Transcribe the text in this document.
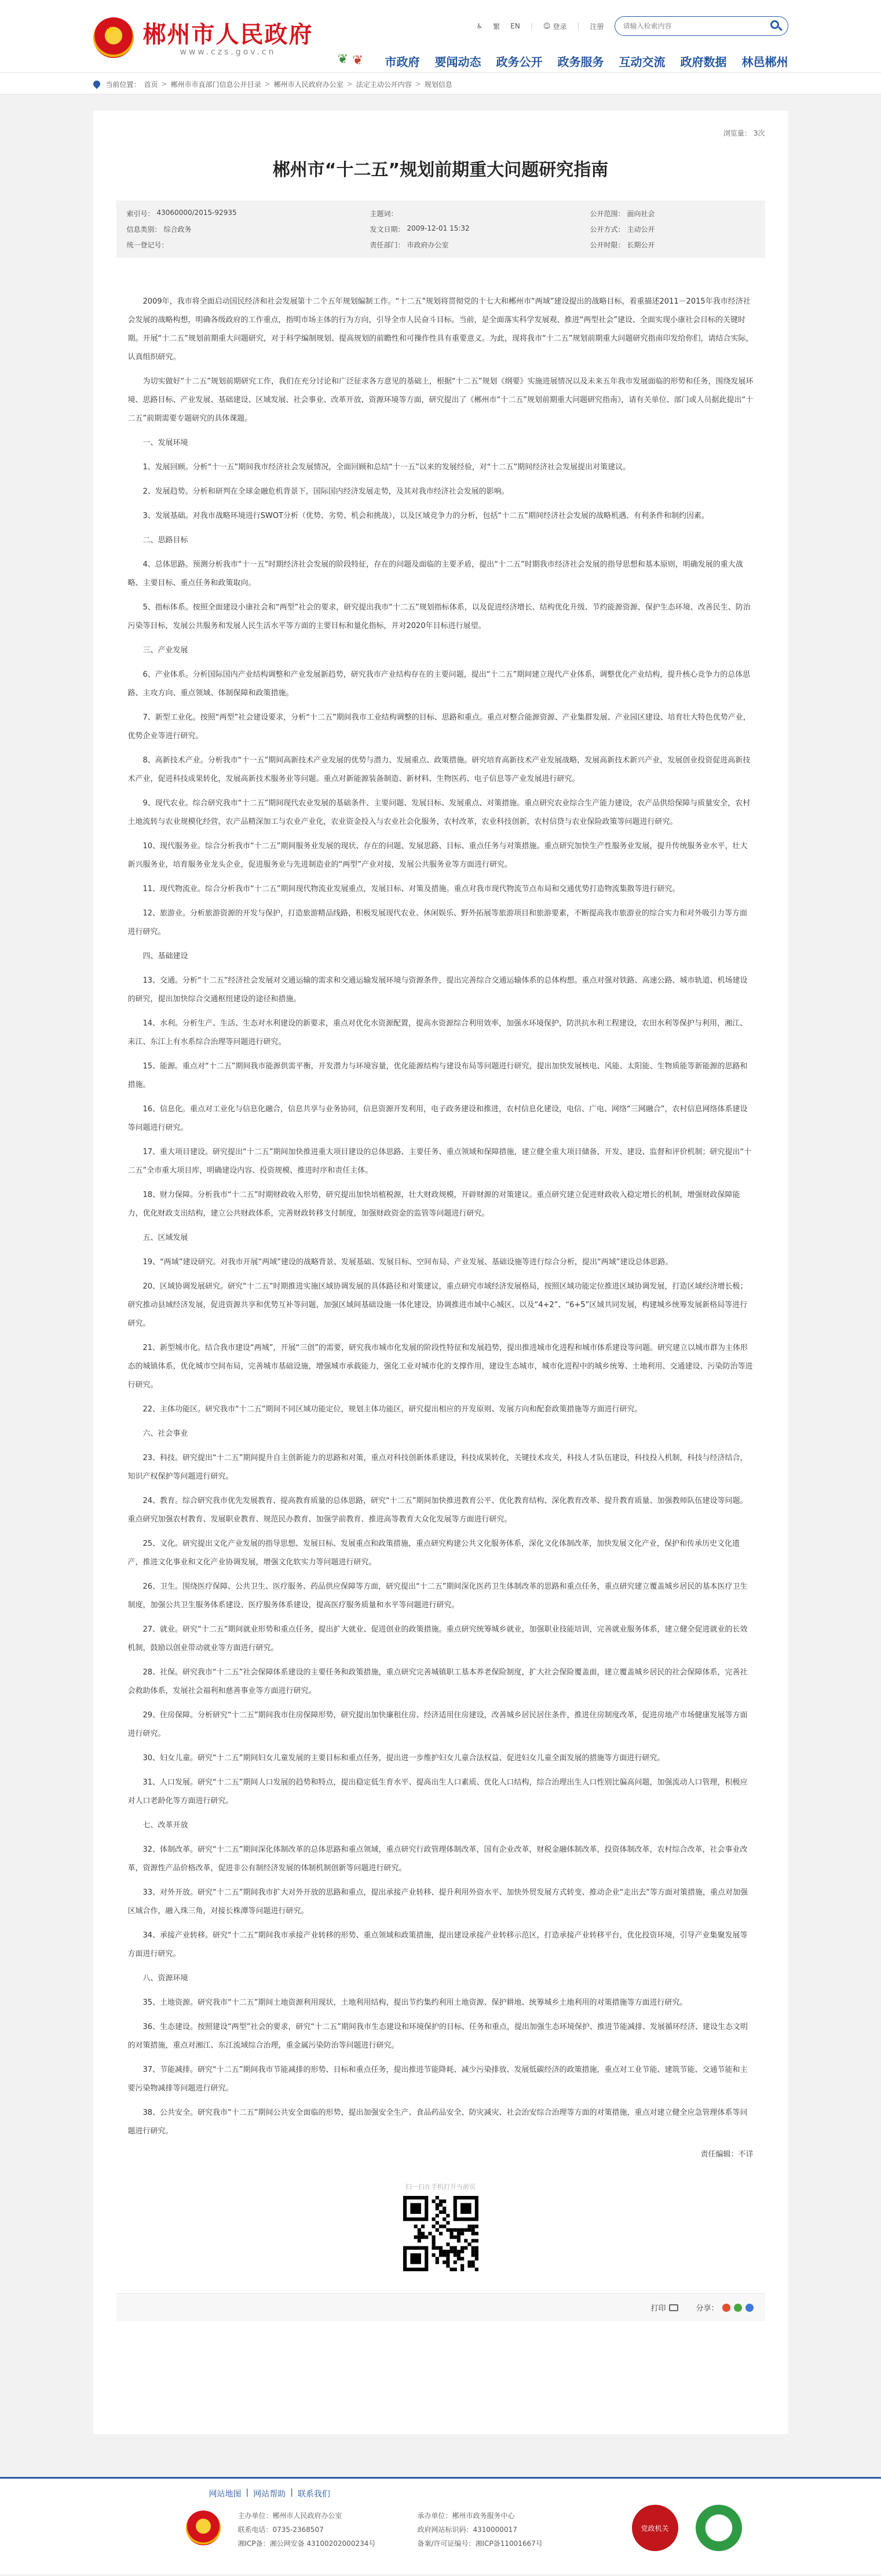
★ 郴州市人民政府
www.czs.gov.cn
♿ 繁 EN | ☺ 登录 | 注册
请输入检索内容
❦ ❦ 市政府 要闻动态 政务公开 政务服务 互动交流 政府数据 林邑郴州
当前位置： 首页 > 郴州市市直部门信息公开目录 > 郴州市人民政府办公室 > 法定主动公开内容 > 规划信息
浏览量： 3次
郴州市“十二五”规划前期重大问题研究指南
索引号： 43060000/2015-92935	主题词：	公开范围： 面向社会
信息类别： 综合政务	发文日期： 2009-12-01 15:32	公开方式： 主动公开
统一登记号：	责任部门： 市政府办公室	公开时限： 长期公开

2009年，我市将全面启动国民经济和社会发展第十二个五年规划编制工作。“十二五”规划将贯彻党的十七大和郴州市“两域”建设提出的战略目标，着重描述2011－2015年我市经济社会发展的战略构想，明确各级政府的工作重点，指明市场主体的行为方向，引导全市人民奋斗目标。当前，是全面落实科学发展观、推进“两型社会”建设、全面实现小康社会目标的关键时期。开展“十二五”规划前期重大问题研究，对于科学编制规划、提高规划的前瞻性和可操作性具有重要意义。为此，现将我市“十二五”规划前期重大问题研究指南印发给你们，请结合实际，认真组织研究。

为切实做好“十二五”规划前期研究工作，我们在充分讨论和广泛征求各方意见的基础上，根据“十二五”规划《纲要》实施进展情况以及未来五年我市发展面临的形势和任务，围绕发展环境、思路目标、产业发展、基础建设、区域发展、社会事业、改革开放、资源环境等方面，研究提出了《郴州市“十二五”规划前期重大问题研究指南》，请有关单位、部门或人员据此提出“十二五”前期需要专题研究的具体课题。

一、发展环境

1、发展回顾。分析“十一五”期间我市经济社会发展情况，全面回顾和总结“十一五”以来的发展经验，对“十二五”期间经济社会发展提出对策建议。

2、发展趋势。分析和研判在全球金融危机背景下，国际国内经济发展走势，及其对我市经济社会发展的影响。

3、发展基础。对我市战略环境进行SWOT分析（优势、劣势、机会和挑战），以及区域竞争力的分析，包括“十二五”期间经济社会发展的战略机遇、有利条件和制约因素。

二、思路目标

4、总体思路。预测分析我市“十一五”时期经济社会发展的阶段特征，存在的问题及面临的主要矛盾，提出“十二五”时期我市经济社会发展的指导思想和基本原则，明确发展的重大战略、主要目标、重点任务和政策取向。

5、指标体系。按照全面建设小康社会和“两型”社会的要求，研究提出我市“十二五”规划指标体系，以及促进经济增长、结构优化升级、节约能源资源、保护生态环境、改善民生、防治污染等目标，发展公共服务和发展人民生活水平等方面的主要目标和量化指标，并对2020年目标进行展望。

三、产业发展

6、产业体系。分析国际国内产业结构调整和产业发展新趋势，研究我市产业结构存在的主要问题，提出“十二五”期间建立现代产业体系，调整优化产业结构，提升核心竞争力的总体思路、主攻方向、重点领域、体制保障和政策措施。

7、新型工业化。按照“两型”社会建设要求，分析“十二五”期间我市工业结构调整的目标、思路和重点。重点对整合能源资源、产业集群发展、产业园区建设、培育壮大特色优势产业，优势企业等进行研究。

8、高新技术产业。分析我市“十一五”期间高新技术产业发展的优势与潜力、发展重点、政策措施。研究培育高新技术产业发展战略，发展高新技术新兴产业，发展创业投资促进高新技术产业，促进科技成果转化，发展高新技术服务业等问题。重点对新能源装备制造、新材料、生物医药、电子信息等产业发展进行研究。

9、现代农业。综合研究我市“十二五”期间现代农业发展的基础条件、主要问题、发展目标、发展重点、对策措施。重点研究农业综合生产能力建设，农产品供给保障与质量安全，农村土地流转与农业规模化经营，农产品精深加工与农业产业化，农业资金投入与农业社会化服务，农村改革，农业科技创新，农村信贷与农业保险政策等问题进行研究。

10、现代服务业。综合分析我市“十二五”期间服务业发展的现状、存在的问题、发展思路、目标、重点任务与对策措施。重点研究加快生产性服务业发展，提升传统服务业水平，壮大新兴服务业，培育服务业龙头企业，促进服务业与先进制造业的“两型”产业对接，发展公共服务业等方面进行研究。

11、现代物流业。综合分析我市“十二五”期间现代物流业发展重点，发展目标、对策及措施。重点对我市现代物流节点布局和交通优势打造物流集散等进行研究。

12、旅游业。分析旅游资源的开发与保护，打造旅游精品线路，积极发展现代农业、休闲娱乐、野外拓展等旅游项目和旅游要素，不断提高我市旅游业的综合实力和对外吸引力等方面进行研究。

四、基础建设

13、交通。分析“十二五”经济社会发展对交通运输的需求和交通运输发展环境与资源条件，提出完善综合交通运输体系的总体构想。重点对强对铁路、高速公路、城市轨道、机场建设的研究，提出加快综合交通枢纽建设的途径和措施。

14、水利。分析生产、生活、生态对水利建设的新要求，重点对优化水资源配置，提高水资源综合利用效率，加强水环境保护，防洪抗水利工程建设，农田水利等保护与利用，湘江、耒江、东江上有水系综合治理等问题进行研究。

15、能源。重点对“十二五”期间我市能源供需平衡，开发潜力与环境容量，优化能源结构与建设布局等问题进行研究，提出加快发展核电、风能、太阳能、生物质能等新能源的思路和措施。

16、信息化。重点对工业化与信息化融合，信息共享与业务协同，信息资源开发利用，电子政务建设和推进，农村信息化建设，电信、广电、网络“三网融合”，农村信息网络体系建设等问题进行研究。

17、重大项目建设。研究提出“十二五”期间加快推进重大项目建设的总体思路、主要任务、重点领域和保障措施，建立健全重大项目储备、开发、建设、监督和评价机制；研究提出“十二五”全市重大项目库，明确建设内容、投资规模、推进时序和责任主体。

18、财力保障。分析我市“十二五”时期财政收入形势，研究提出加快培植税源，壮大财政规模，开辟财源的对策建议。重点研究建立促进财政收入稳定增长的机制，增强财政保障能力，优化财政支出结构，建立公共财政体系，完善财政转移支付制度，加强财政资金的监管等问题进行研究。

五、区域发展

19、“两域”建设研究。对我市开展“两域”建设的战略背景、发展基础、发展目标、空间布局、产业发展、基础设施等进行综合分析，提出“两域”建设总体思路。

20、区域协调发展研究。研究“十二五”时期推进实施区域协调发展的具体路径和对策建议，重点研究市域经济发展格局，按照区域功能定位推进区域协调发展，打造区域经济增长极；研究推动县域经济发展，促进资源共享和优势互补等问题，加强区域间基础设施一体化建设，协调推进市域中心城区、以及“4+2”、“6+5”区域共同发展，构建城乡统筹发展新格局等进行研究。

21、新型城市化。结合我市建设“两城”，开展“三创”的需要，研究我市城市化发展的阶段性特征和发展趋势，提出推进城市化进程和城市体系建设等问题。研究建立以城市群为主体形态的城镇体系，优化城市空间布局，完善城市基础设施，增强城市承载能力，强化工业对城市化的支撑作用，建设生态城市，城市化进程中的城乡统筹、土地利用、交通建设、污染防治等进行研究。

22、主体功能区。研究我市“十二五”期间不同区域功能定位，规划主体功能区，研究提出相应的开发原则、发展方向和配套政策措施等方面进行研究。

六、社会事业

23、科技。研究提出“十二五”期间提升自主创新能力的思路和对策，重点对科技创新体系建设，科技成果转化，关键技术攻关，科技人才队伍建设，科技投入机制，科技与经济结合，知识产权保护等问题进行研究。

24、教育。综合研究我市优先发展教育、提高教育质量的总体思路，研究“十二五”期间加快推进教育公平、优化教育结构、深化教育改革、提升教育质量、加强教师队伍建设等问题。重点研究加强农村教育、发展职业教育、规范民办教育、加强学前教育、推进高等教育大众化发展等方面进行研究。

25、文化。研究提出文化产业发展的指导思想、发展目标、发展重点和政策措施，重点研究构建公共文化服务体系，深化文化体制改革，加快发展文化产业，保护和传承历史文化遗产，推进文化事业和文化产业协调发展，增强文化软实力等问题进行研究。

26、卫生。围绕医疗保障、公共卫生、医疗服务、药品供应保障等方面，研究提出“十二五”期间深化医药卫生体制改革的思路和重点任务，重点研究建立覆盖城乡居民的基本医疗卫生制度，加强公共卫生服务体系建设、医疗服务体系建设，提高医疗服务质量和水平等问题进行研究。

27、就业。研究“十二五”期间就业形势和重点任务，提出扩大就业、促进创业的政策措施。重点研究统筹城乡就业，加强职业技能培训，完善就业服务体系，建立健全促进就业的长效机制，鼓励以创业带动就业等方面进行研究。

28、社保。研究我市“十二五”社会保障体系建设的主要任务和政策措施，重点研究完善城镇职工基本养老保险制度，扩大社会保险覆盖面，建立覆盖城乡居民的社会保障体系，完善社会救助体系，发展社会福利和慈善事业等方面进行研究。

29、住房保障。分析研究“十二五”期间我市住房保障形势，研究提出加快廉租住房、经济适用住房建设，改善城乡居民居住条件，推进住房制度改革，促进房地产市场健康发展等方面进行研究。

30、妇女儿童。研究“十二五”期间妇女儿童发展的主要目标和重点任务，提出进一步维护妇女儿童合法权益、促进妇女儿童全面发展的措施等方面进行研究。

31、人口发展。研究“十二五”期间人口发展的趋势和特点，提出稳定低生育水平、提高出生人口素质、优化人口结构，综合治理出生人口性别比偏高问题，加强流动人口管理，积极应对人口老龄化等方面进行研究。

七、改革开放

32、体制改革。研究“十二五”期间深化体制改革的总体思路和重点领域，重点研究行政管理体制改革，国有企业改革，财税金融体制改革，投资体制改革，农村综合改革，社会事业改革，资源性产品价格改革，促进非公有制经济发展的体制机制创新等问题进行研究。

33、对外开放。研究“十二五”期间我市扩大对外开放的思路和重点，提出承接产业转移、提升利用外资水平、加快外贸发展方式转变、推动企业“走出去”等方面对策措施，重点对加强区域合作，融入珠三角，对接长株潭等问题进行研究。

34、承接产业转移。研究“十二五”期间我市承接产业转移的形势、重点领域和政策措施，提出建设承接产业转移示范区，打造承接产业转移平台，优化投资环境，引导产业集聚发展等方面进行研究。

八、资源环境

35、土地资源。研究我市“十二五”期间土地资源利用现状，土地利用结构，提出节约集约利用土地资源、保护耕地、统筹城乡土地利用的对策措施等方面进行研究。

36、生态建设。按照建设“两型”社会的要求，研究“十二五”期间我市生态建设和环境保护的目标、任务和重点，提出加强生态环境保护、推进节能减排、发展循环经济、建设生态文明的对策措施，重点对湘江、东江流域综合治理，重金属污染防治等问题进行研究。

37、节能减排。研究“十二五”期间我市节能减排的形势、目标和重点任务，提出推进节能降耗、减少污染排放、发展低碳经济的政策措施，重点对工业节能、建筑节能、交通节能和主要污染物减排等问题进行研究。

38、公共安全。研究我市“十二五”期间公共安全面临的形势，提出加强安全生产、食品药品安全、防灾减灾、社会治安综合治理等方面的对策措施，重点对建立健全应急管理体系等问题进行研究。

责任编辑：不详
扫一扫在手机打开当前页
打印	分享：
网站地图 | 网站帮助 | 联系我们
主办单位：郴州市人民政府办公室
联系电话：0735-2368507
湘ICP备：湘公网安备 43100202000234号
承办单位：郴州市政务服务中心
政府网站标识码：4310000017
备案/许可证编号：湘ICP备11001667号
党政机关
